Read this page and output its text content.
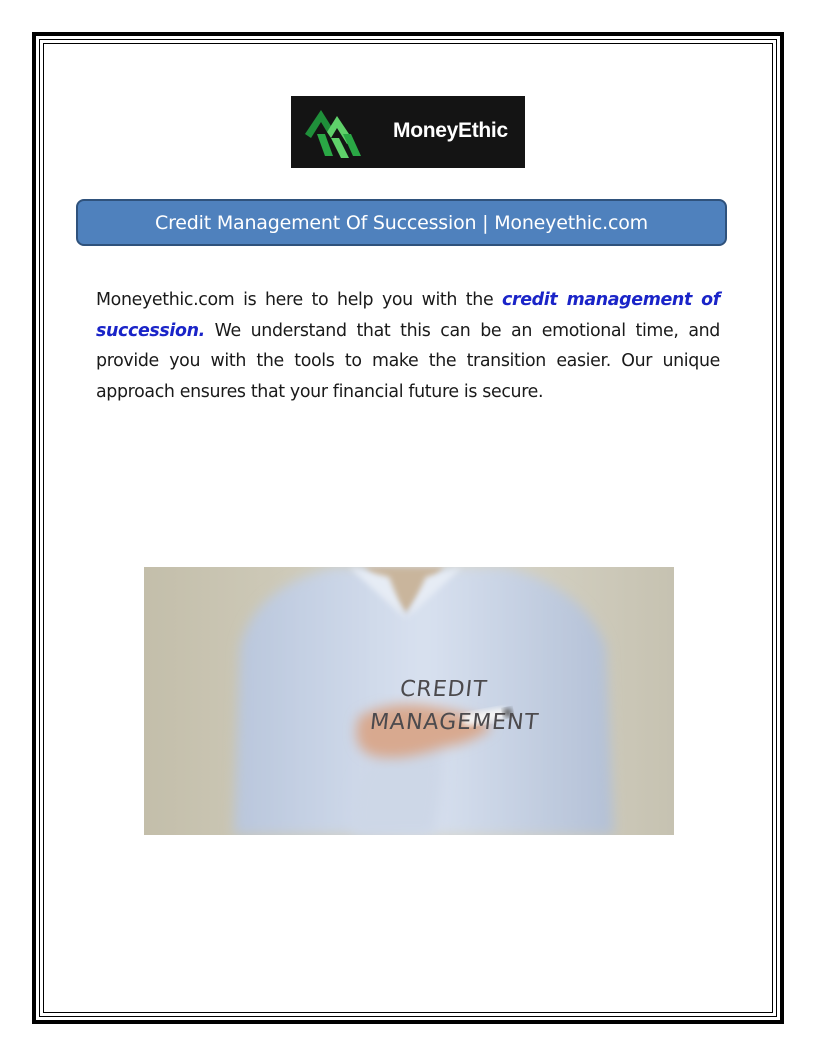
MoneyEthic
Credit Management Of Succession | Moneyethic.com

Moneyethic.com is here to help you with the credit management of succession. We understand that this can be an emotional time, and provide you with the tools to make the transition easier. Our unique approach ensures that your financial future is secure.

CREDIT
MANAGEMENT
